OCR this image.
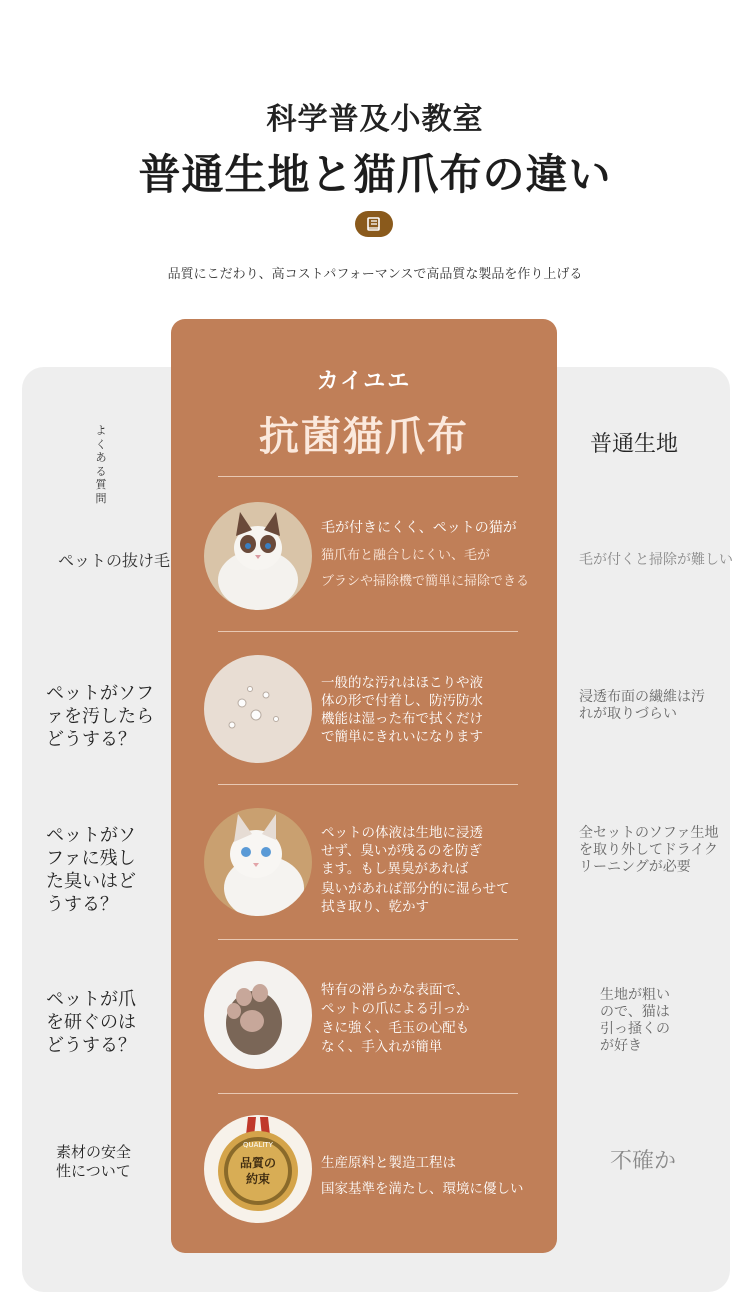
科学普及小教室
普通生地と猫爪布の違い
品質にこだわり、高コストパフォーマンスで高品質な製品を作り上げる
よくある質問
普通生地
カイユエ
抗菌猫爪布
ペットの抜け毛
毛が付きにくく、ペットの猫が
猫爪布と融合しにくい、毛が
ブラシや掃除機で簡単に掃除できる
毛が付くと掃除が難しい
ペットがソファを汚したらどうする？
一般的な汚れはほこりや液
体の形で付着し、防汚防水
機能は湿った布で拭くだけ
で簡単にきれいになります
浸透布面の繊維は汚れが取りづらい
ペットがソファに残した臭いはどうする？
ペットの体液は生地に浸透
せず、臭いが残るのを防ぎ
ます。もし異臭があれば
臭いがあれば部分的に湿らせて
拭き取り、乾かす
全セットのソファ生地を取り外してドライクリーニングが必要
ペットが爪を研ぐのはどうする？
特有の滑らかな表面で、
ペットの爪による引っか
きに強く、毛玉の心配も
なく、手入れが簡単
生地が粗いので、猫は引っ掻くのが好き
素材の安全性について
QUALITY
品質の
約束
生産原料と製造工程は
国家基準を満たし、環境に優しい
不確か
